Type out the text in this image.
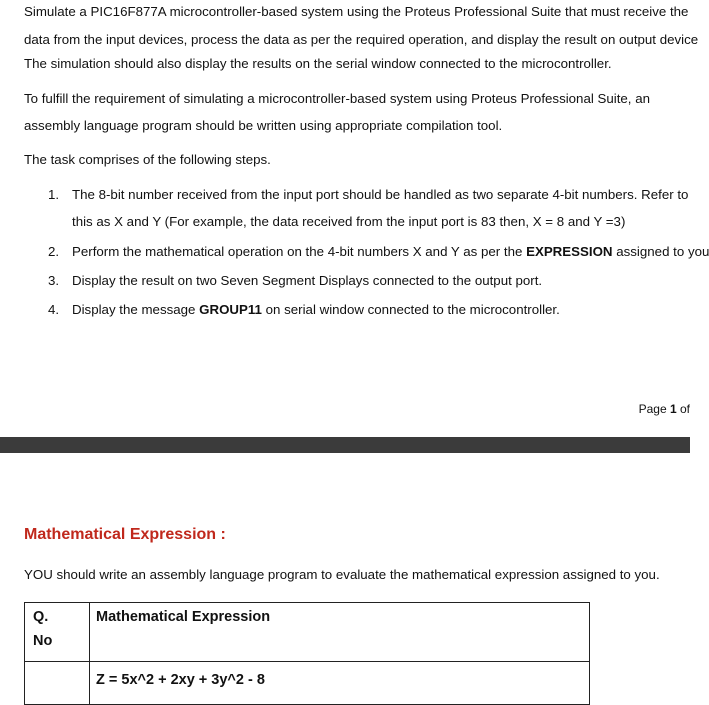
Simulate a PIC16F877A microcontroller-based system using the Proteus Professional Suite that must receive the
data from the input devices, process the data as per the required operation, and display the result on output device
The simulation should also display the results on the serial window connected to the microcontroller.
To fulfill the requirement of simulating a microcontroller-based system using Proteus Professional Suite, an
assembly language program should be written using appropriate compilation tool.
The task comprises of the following steps.
1. The 8-bit number received from the input port should be handled as two separate 4-bit numbers. Refer to
this as X and Y (For example, the data received from the input port is 83 then, X = 8 and Y =3)
2. Perform the mathematical operation on the 4-bit numbers X and Y as per the EXPRESSION assigned to you
3. Display the result on two Seven Segment Displays connected to the output port.
4. Display the message GROUP11 on serial window connected to the microcontroller.
Page 1 of
Mathematical Expression :
YOU should write an assembly language program to evaluate the mathematical expression assigned to you.
Q.
No	Mathematical Expression
	Z = 5x^2 + 2xy + 3y^2 - 8
